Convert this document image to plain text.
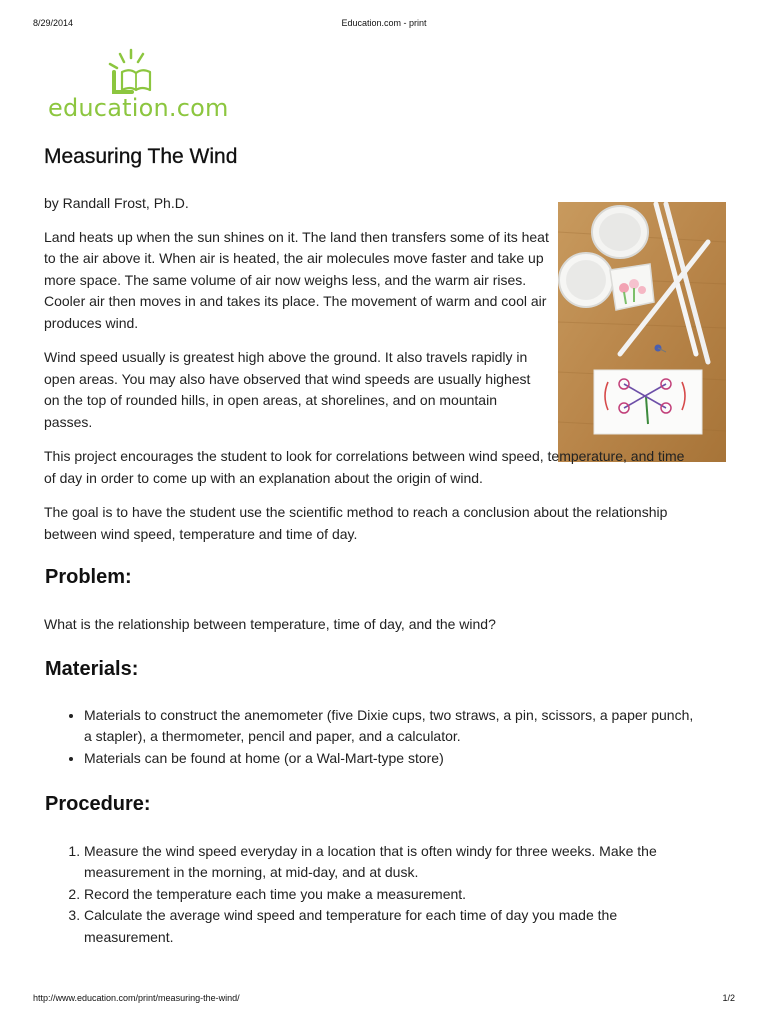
8/29/2014	Education.com - print
education.com
Measuring The Wind

by Randall Frost, Ph.D.

Land heats up when the sun shines on it. The land then transfers some of its heat to the air above it. When air is heated, the air molecules move faster and take up more space. The same volume of air now weighs less, and the warm air rises. Cooler air then moves in and takes its place. The movement of warm and cool air produces wind.

Wind speed usually is greatest high above the ground. It also travels rapidly in open areas. You may also have observed that wind speeds are usually highest on the top of rounded hills, in open areas, at shorelines, and on mountain passes.

This project encourages the student to look for correlations between wind speed, temperature, and time of day in order to come up with an explanation about the origin of wind.

The goal is to have the student use the scientific method to reach a conclusion about the relationship between wind speed, temperature and time of day.

Problem:

What is the relationship between temperature, time of day, and the wind?

Materials:
• Materials to construct the anemometer (five Dixie cups, two straws, a pin, scissors, a paper punch, a stapler), a thermometer, pencil and paper, and a calculator.
• Materials can be found at home (or a Wal-Mart-type store)
Procedure:
1. Measure the wind speed everyday in a location that is often windy for three weeks. Make the measurement in the morning, at mid-day, and at dusk.
2. Record the temperature each time you make a measurement.
3. Calculate the average wind speed and temperature for each time of day you made the measurement.
http://www.education.com/print/measuring-the-wind/	1/2
